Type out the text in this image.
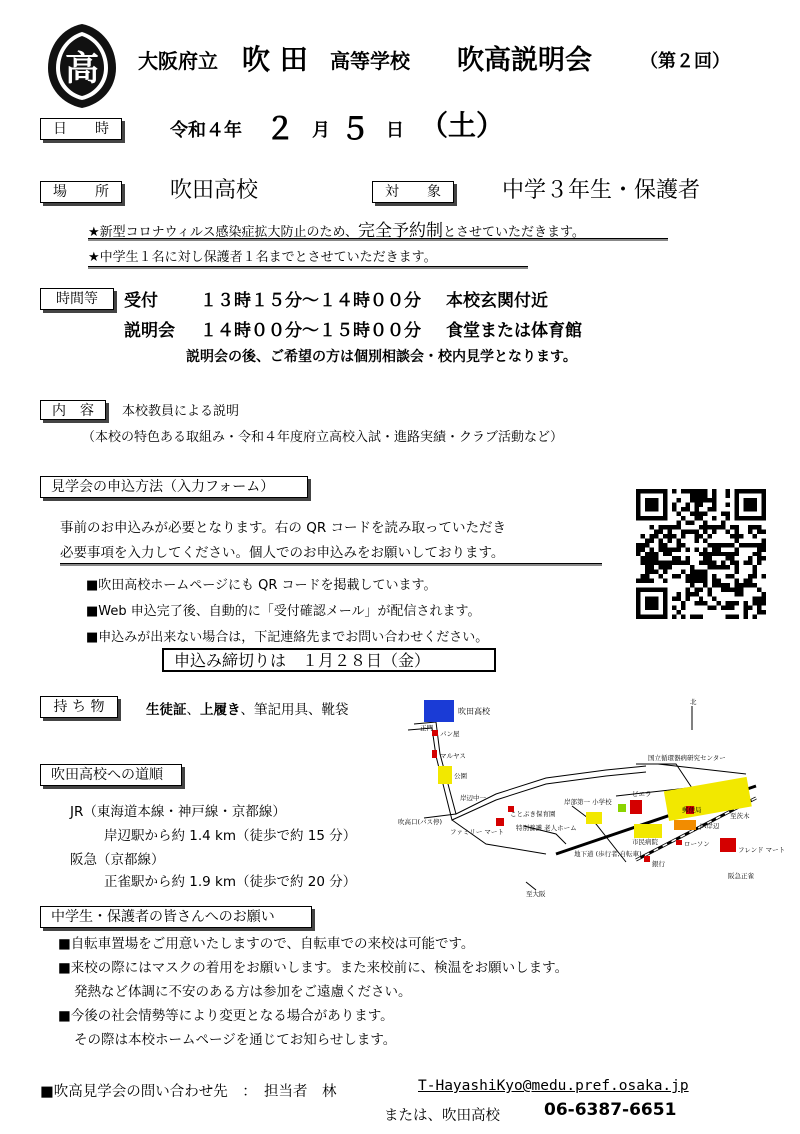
高 大阪府立 吹 田 高等学校 吹高説明会	（第２回）
日　　時	令和４年 ２ 月 ５ 日 （土）
場　　所	吹田高校	対　　象	中学３年生・保護者
★新型コロナウィルス感染症拡大防止のため、完全予約制とさせていただきます。
★中学生１名に対し保護者１名までとさせていただきます。
時間等	受付 １３時１５分～１４時００分 本校玄関付近
説明会 １４時００分～１５時００分 食堂または体育館
説明会の後、ご希望の方は個別相談会・校内見学となります。
内　容	本校教員による説明
（本校の特色ある取組み・令和４年度府立高校入試・進路実績・クラブ活動など）
見学会の申込方法（入力フォーム）
事前のお申込みが必要となります。右の QR コードを読み取っていただき
必要事項を入力してください。個人でのお申込みをお願いしております。
■吹田高校ホームページにも QR コードを掲載しています。
■Web 申込完了後、自動的に「受付確認メール」が配信されます。
■申込みが出来ない場合は，下記連絡先までお問い合わせください。
申込み締切りは　１月２８日（金）
持 ち 物	生徒証、上履き、筆記用具、靴袋
吹田高校への道順
JR（東海道本線・神戸線・京都線）
岸辺駅から約 1.4 km（徒歩で約 15 分）
阪急（京都線）
正雀駅から約 1.9 km（徒歩で約 20 分）
吹田高校
北
正門
パン屋
マルヤス
公園
岸辺中一
ことぶき保育園
特別養護 老人ホーム
ファミリー マート
吹高口(バス停)
岸部第一 小学校
国立循環器病研究センター
ビエラ
郵便局
市民病院
JR岸辺
至茨木
ローソン
フレンド マート
地下道 (歩行者,自転車)
銀行
至大阪
阪急正雀
中学生・保護者の皆さんへのお願い
■自転車置場をご用意いたしますので、自転車での来校は可能です。
■来校の際にはマスクの着用をお願いします。また来校前に、検温をお願いします。
発熱など体調に不安のある方は参加をご遠慮ください。
■今後の社会情勢等により変更となる場合があります。
その際は本校ホームページを通じてお知らせします。
■吹高見学会の問い合わせ先　：　担当者　林	T-HayashiKyo@medu.pref.osaka.jp
または、吹田高校	06-6387-6651
